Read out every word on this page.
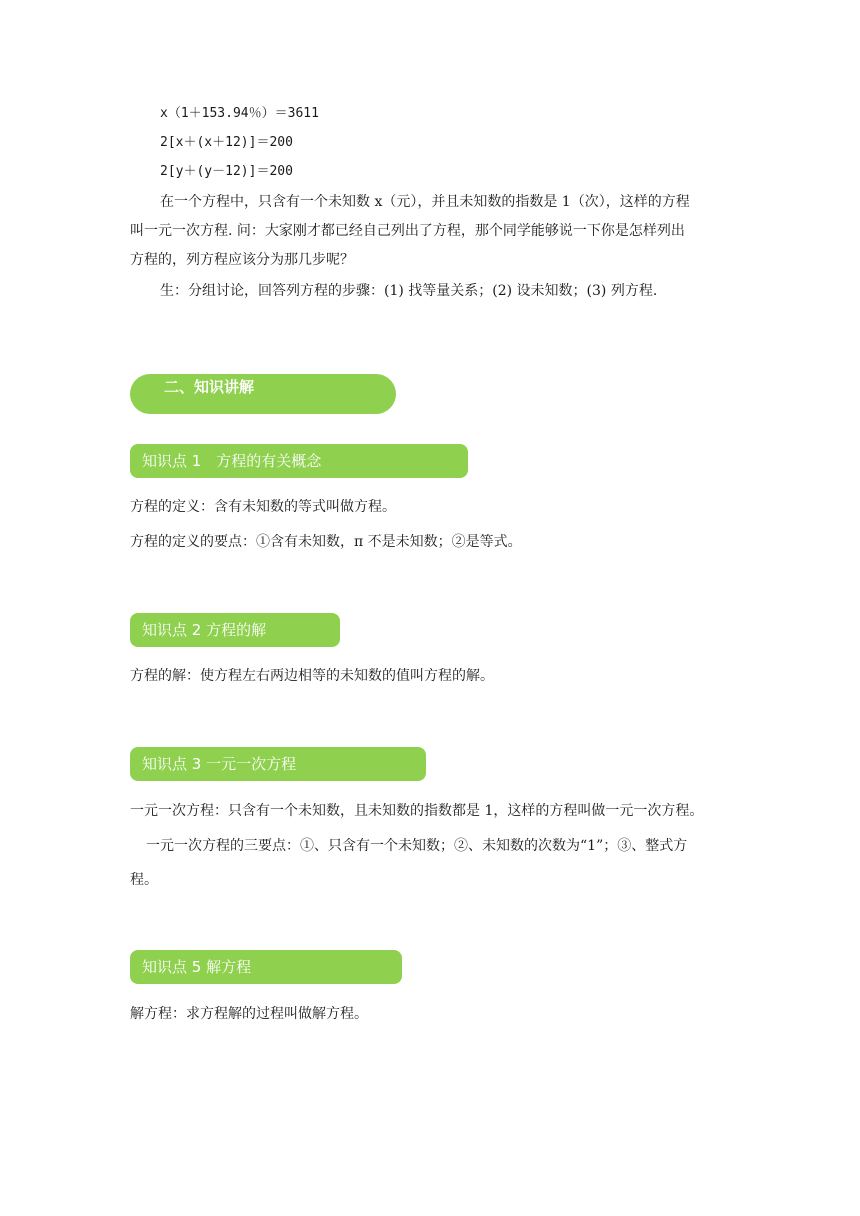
x（1＋153.94％）＝3611
2[x＋(x＋12)]＝200
2[y＋(y－12)]＝200
在一个方程中，只含有一个未知数 x（元），并且未知数的指数是 1（次），这样的方程
叫一元一次方程. 问：大家刚才都已经自己列出了方程，那个同学能够说一下你是怎样列出
方程的，列方程应该分为那几步呢？
生：分组讨论，回答列方程的步骤：(1) 找等量关系；(2) 设未知数；(3) 列方程.
二、知识讲解
知识点 1　方程的有关概念
方程的定义：含有未知数的等式叫做方程。
方程的定义的要点：①含有未知数，π 不是未知数；②是等式。
知识点 2 方程的解
方程的解：使方程左右两边相等的未知数的值叫方程的解。
知识点 3 一元一次方程
一元一次方程：只含有一个未知数，且未知数的指数都是 1，这样的方程叫做一元一次方程。
一元一次方程的三要点：①、只含有一个未知数；②、未知数的次数为“1”；③、整式方
程。
知识点 5 解方程
解方程：求方程解的过程叫做解方程。
